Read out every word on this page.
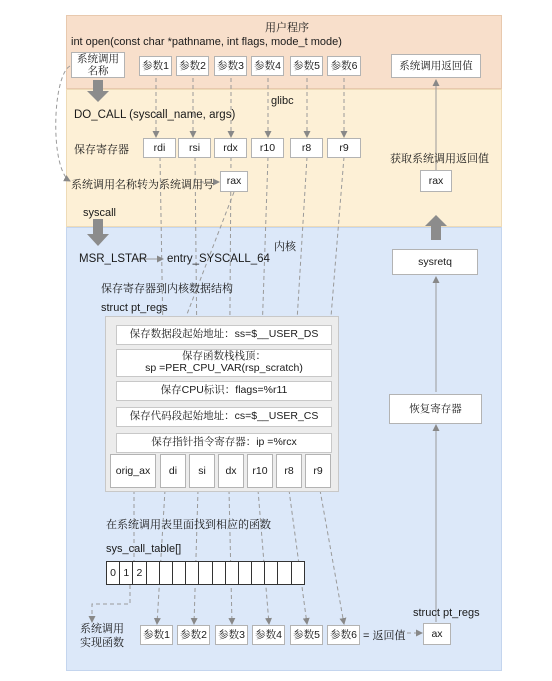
用户程序
int open(const char *pathname, int flags, mode_t mode)
系统调用
名称	参数1 参数2 参数3 参数4 参数5	参数6	系统调用返回值
glibc
DO_CALL (syscall_name, args)
保存寄存器	rdi	rsi	rdx	r10	r8	r9
获取系统调用返回值
rax
系统调用名称转为系统调用号	rax
syscall
内核
MSR_LSTAR entry_SYSCALL_64	sysretq
保存寄存器到内核数据结构
struct pt_regs
保存数据段起始地址：ss=$__USER_DS
保存函数栈栈顶：
sp =PER_CPU_VAR(rsp_scratch)
保存CPU标识：flags=%r11
保存代码段起始地址：cs=$__USER_CS
保存指针指令寄存器：ip =%rcx
orig_ax	di	si	dx	r10	r8	r9
恢复寄存器
在系统调用表里面找到相应的函数
sys_call_table[]
0 1 2
系统调用
实现函数
参数1 参数2 参数3 参数4 参数5 参数6 = 返回值
struct pt_regs
ax
